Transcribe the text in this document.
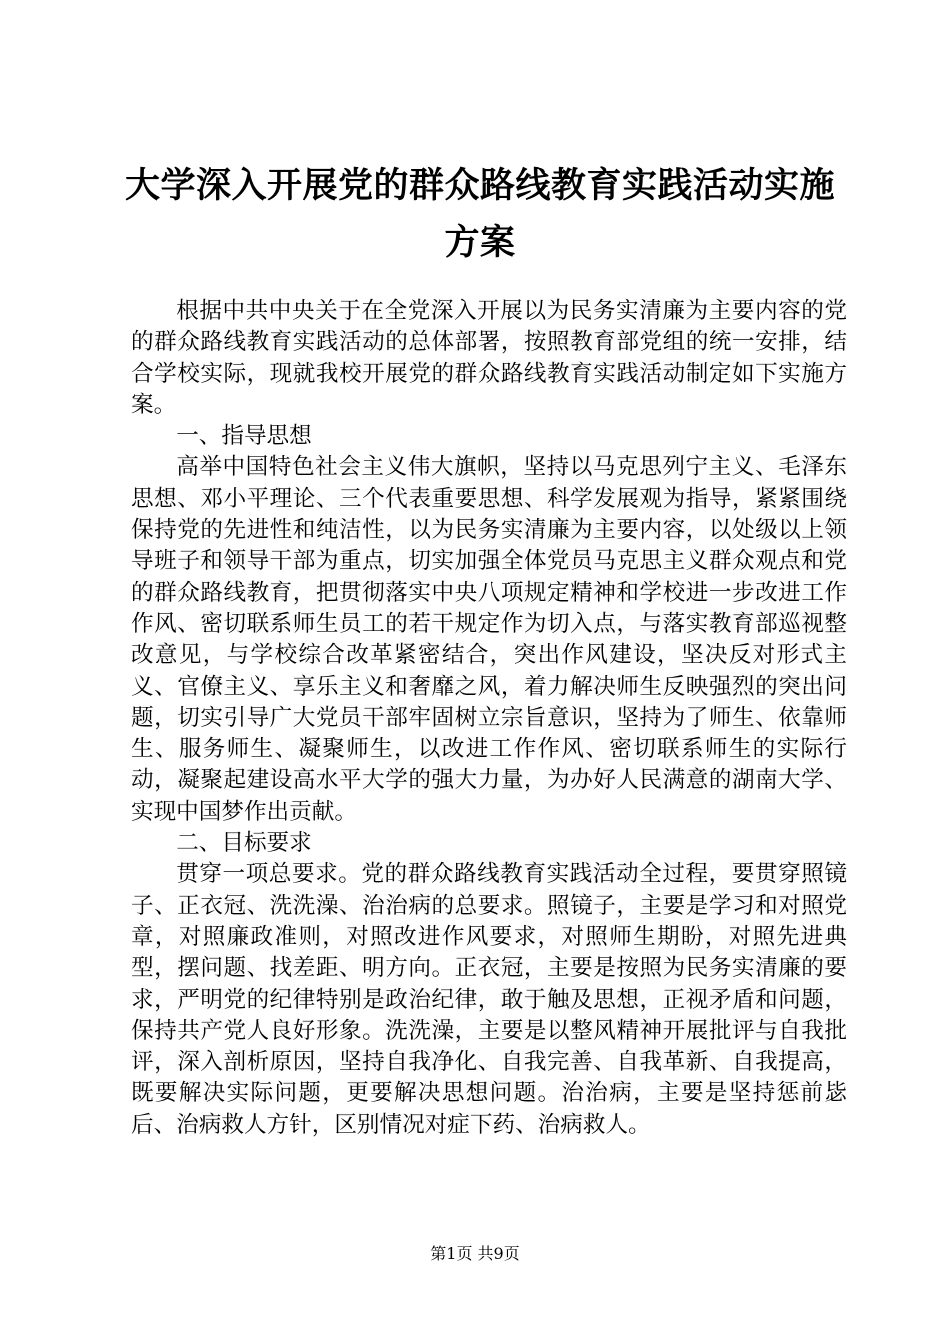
大学深入开展党的群众路线教育实践活动实施方案

根据中共中央关于在全党深入开展以为民务实清廉为主要内容的党的群众路线教育实践活动的总体部署，按照教育部党组的统一安排，结合学校实际，现就我校开展党的群众路线教育实践活动制定如下实施方案。

一、指导思想

高举中国特色社会主义伟大旗帜，坚持以马克思列宁主义、毛泽东思想、邓小平理论、三个代表重要思想、科学发展观为指导，紧紧围绕保持党的先进性和纯洁性，以为民务实清廉为主要内容，以处级以上领导班子和领导干部为重点，切实加强全体党员马克思主义群众观点和党的群众路线教育，把贯彻落实中央八项规定精神和学校进一步改进工作作风、密切联系师生员工的若干规定作为切入点，与落实教育部巡视整改意见，与学校综合改革紧密结合，突出作风建设，坚决反对形式主义、官僚主义、享乐主义和奢靡之风，着力解决师生反映强烈的突出问题，切实引导广大党员干部牢固树立宗旨意识，坚持为了师生、依靠师生、服务师生、凝聚师生，以改进工作作风、密切联系师生的实际行动，凝聚起建设高水平大学的强大力量，为办好人民满意的湖南大学、实现中国梦作出贡献。

二、目标要求

贯穿一项总要求。党的群众路线教育实践活动全过程，要贯穿照镜子、正衣冠、洗洗澡、治治病的总要求。照镜子，主要是学习和对照党章，对照廉政准则，对照改进作风要求，对照师生期盼，对照先进典型，摆问题、找差距、明方向。正衣冠，主要是按照为民务实清廉的要求，严明党的纪律特别是政治纪律，敢于触及思想，正视矛盾和问题，保持共产党人良好形象。洗洗澡，主要是以整风精神开展批评与自我批评，深入剖析原因，坚持自我净化、自我完善、自我革新、自我提高，既要解决实际问题，更要解决思想问题。治治病，主要是坚持惩前毖后、治病救人方针，区别情况对症下药、治病救人。

第1页 共9页
